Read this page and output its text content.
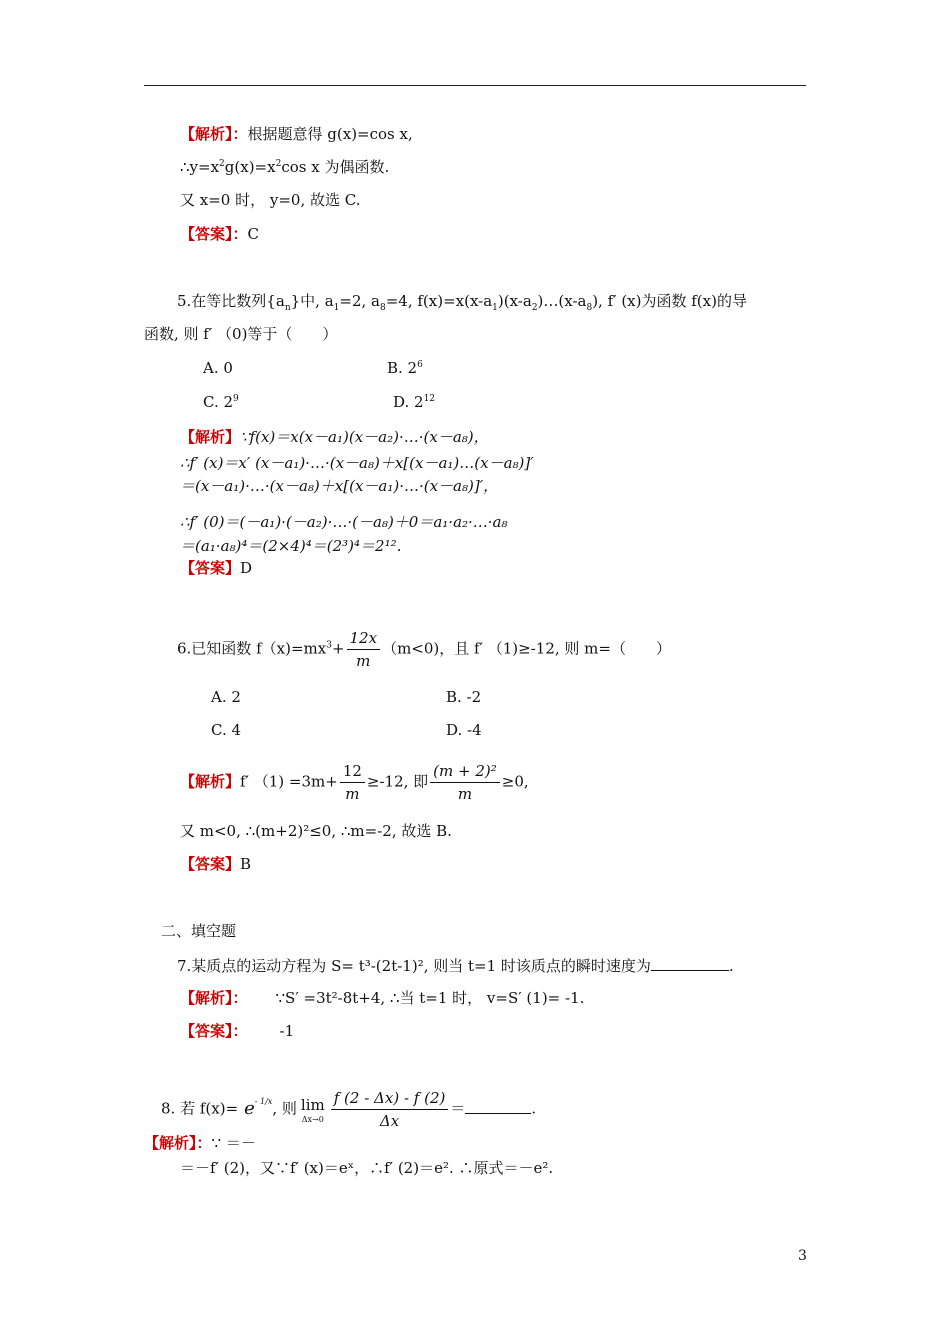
【解析】：根据题意得 g(x)=cos x,
$\therefore y=x^2g(x)=x^2\cos$ x 为偶函数.
又 x=0 时， y=0, 故选 C.
【答案】：C
5.在等比数列$\{a_n\}$中, $a_1=2$, $a_8=4$, $f(x)=x(x-a_1)(x-a_2)\dots(x-a_8)$, f′ (x)为函数 f(x)的导
函数, 则 f′ （0)等于（　　）
A. 0	B. $2^6$
C. $2^9$	D. $2^{12}$
【解析】∵f(x)＝x(x－a₁)(x－a₂)·…·(x－a₈)，
∴f′ (x)＝x′ (x－a₁)·…·(x－a₈)＋x[(x－a₁)…(x－a₈)]′
＝(x－a₁)·…·(x－a₈)＋x[(x－a₁)·…·(x－a₈)]′，
∴f′ (0)＝(－a₁)·(－a₂)·…·(－a₈)＋0＝a₁·a₂·…·a₈
＝(a₁·a₈)⁴＝(2×4)⁴＝(2³)⁴＝2¹².
【答案】D
6.已知函数 $f(x)=mx^3+ \frac{12x}{m} (m<0)$，且 f′ （1)≥-12, 则 m=（　　）
A. 2	B. -2
C. 4	D. -4
【解析】f′ $(1) =3m+ \frac{12}{m} \ge-12$, 即 $\frac{\text{(m + 2)²}}{m} \ge 0$,
又 m<0, ∴(m+2)²≤0, ∴m=-2, 故选 B.
【答案】B
二、填空题
7.某质点的运动方程为 S= t³-(2t-1)², 则当 t=1 时该质点的瞬时速度为	.
【解析】： ∵S′ =3t²-8t+4, ∴当 t=1 时， v=S′ (1)= -1.
【答案】： -1
8. 若 $f(x)= e^{- 1/x}$, 则 lim
$\Delta x\to 0 \frac{f (2 - \Delta x) - f (2)}{\Delta x}$ ＝	.
【解析】：∵ ＝－
＝－f′ (2)，又∵f′ (x)＝eˣ，∴f′ (2)＝e². ∴原式＝－e².
3
